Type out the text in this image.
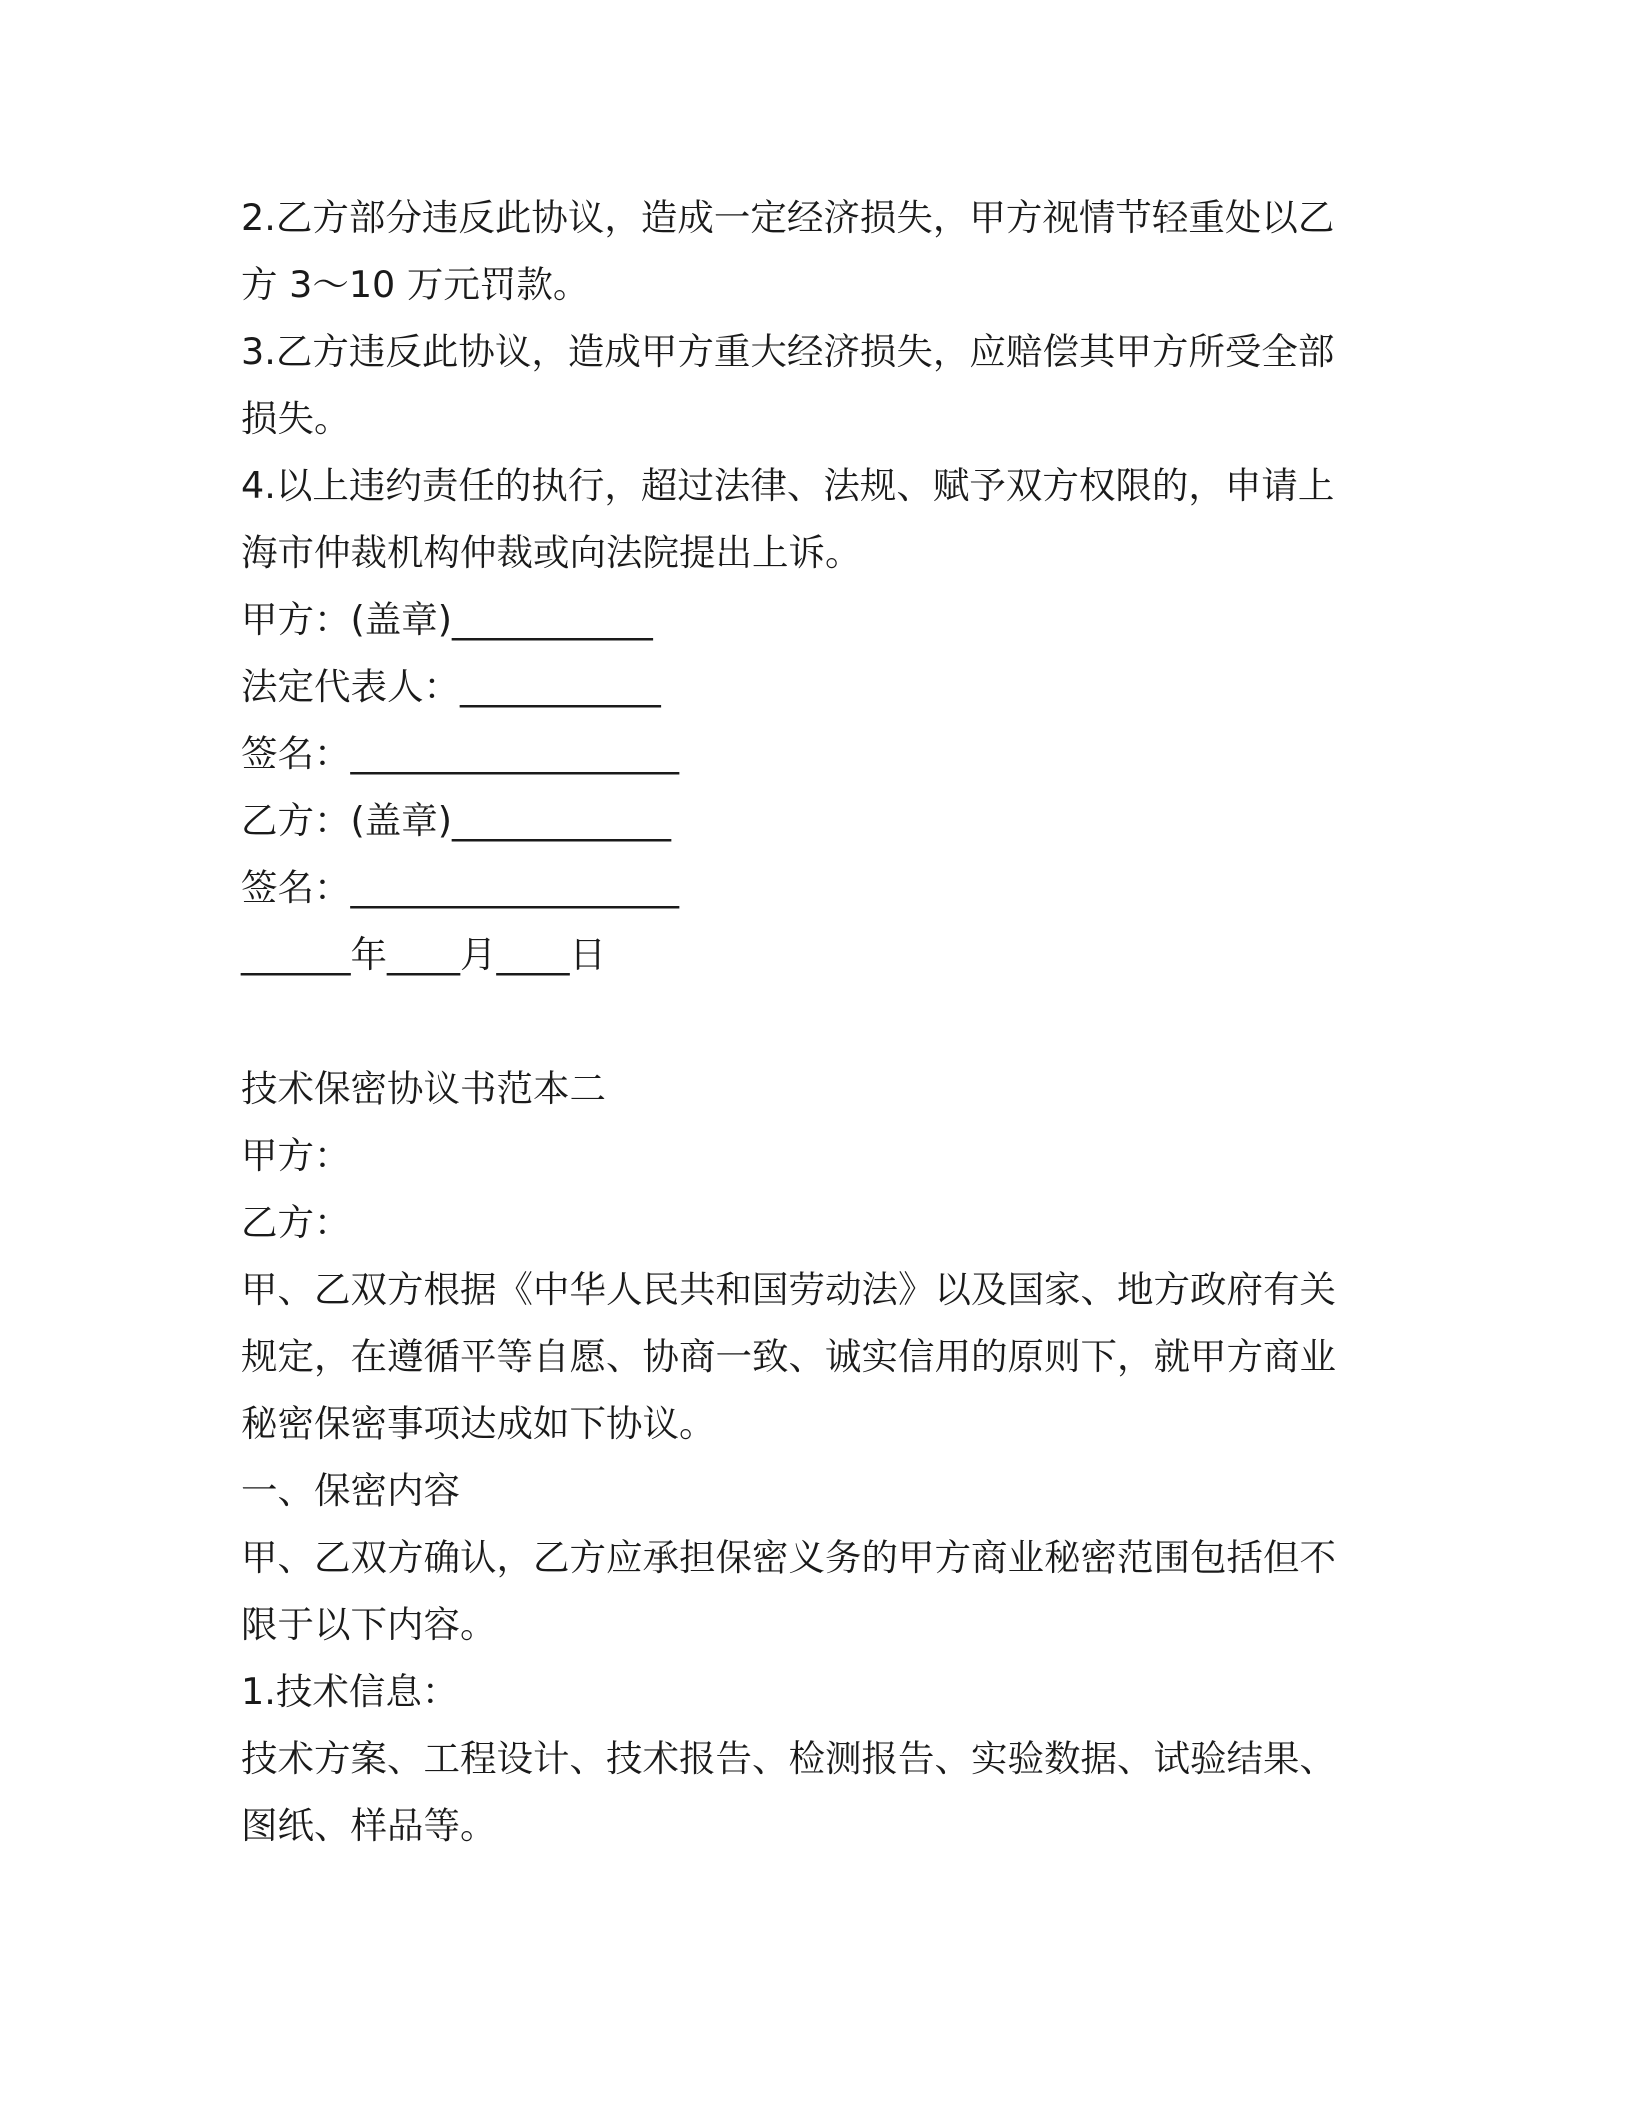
2.乙方部分违反此协议，造成一定经济损失，甲方视情节轻重处以乙
方 3～10 万元罚款。
3.乙方违反此协议，造成甲方重大经济损失，应赔偿其甲方所受全部
损失。
4.以上违约责任的执行，超过法律、法规、赋予双方权限的，申请上
海市仲裁机构仲裁或向法院提出上诉。
甲方：(盖章)___________
法定代表人：___________
签名：__________________
乙方：(盖章)____________
签名：__________________
______年____月____日
技术保密协议书范本二
甲方：
乙方：
甲、乙双方根据《中华人民共和国劳动法》以及国家、地方政府有关
规定，在遵循平等自愿、协商一致、诚实信用的原则下，就甲方商业
秘密保密事项达成如下协议。
一、保密内容
甲、乙双方确认，乙方应承担保密义务的甲方商业秘密范围包括但不
限于以下内容。
1.技术信息：
技术方案、工程设计、技术报告、检测报告、实验数据、试验结果、
图纸、样品等。
